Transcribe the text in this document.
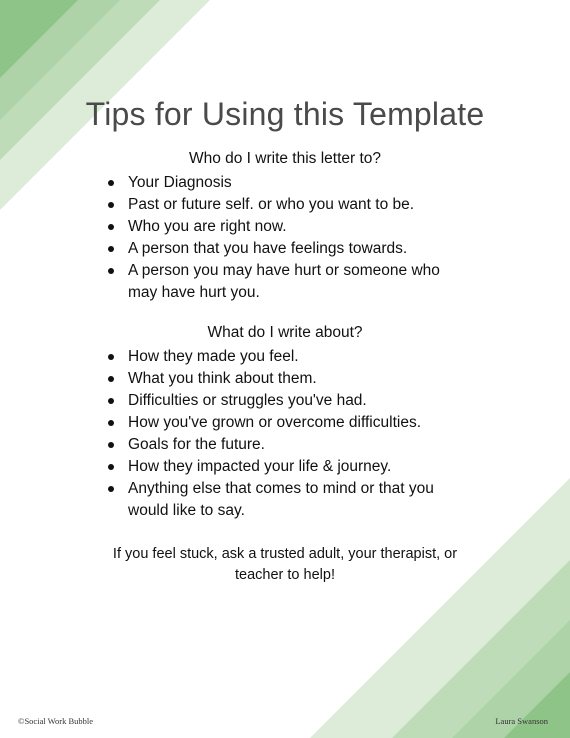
Tips for Using this Template
Who do I write this letter to?
Your Diagnosis
Past or future self. or who you want to be.
Who you are right now.
A person that you have feelings towards.
A person you may have hurt or someone who may have hurt you.
What do I write about?
How they made you feel.
What you think about them.
Difficulties or struggles you've had.
How you've grown or overcome difficulties.
Goals for the future.
How they impacted your life & journey.
Anything else that comes to mind or that you would like to say.
If you feel stuck, ask a trusted adult, your therapist, or teacher to help!
©Social Work Bubble	Laura Swanson
